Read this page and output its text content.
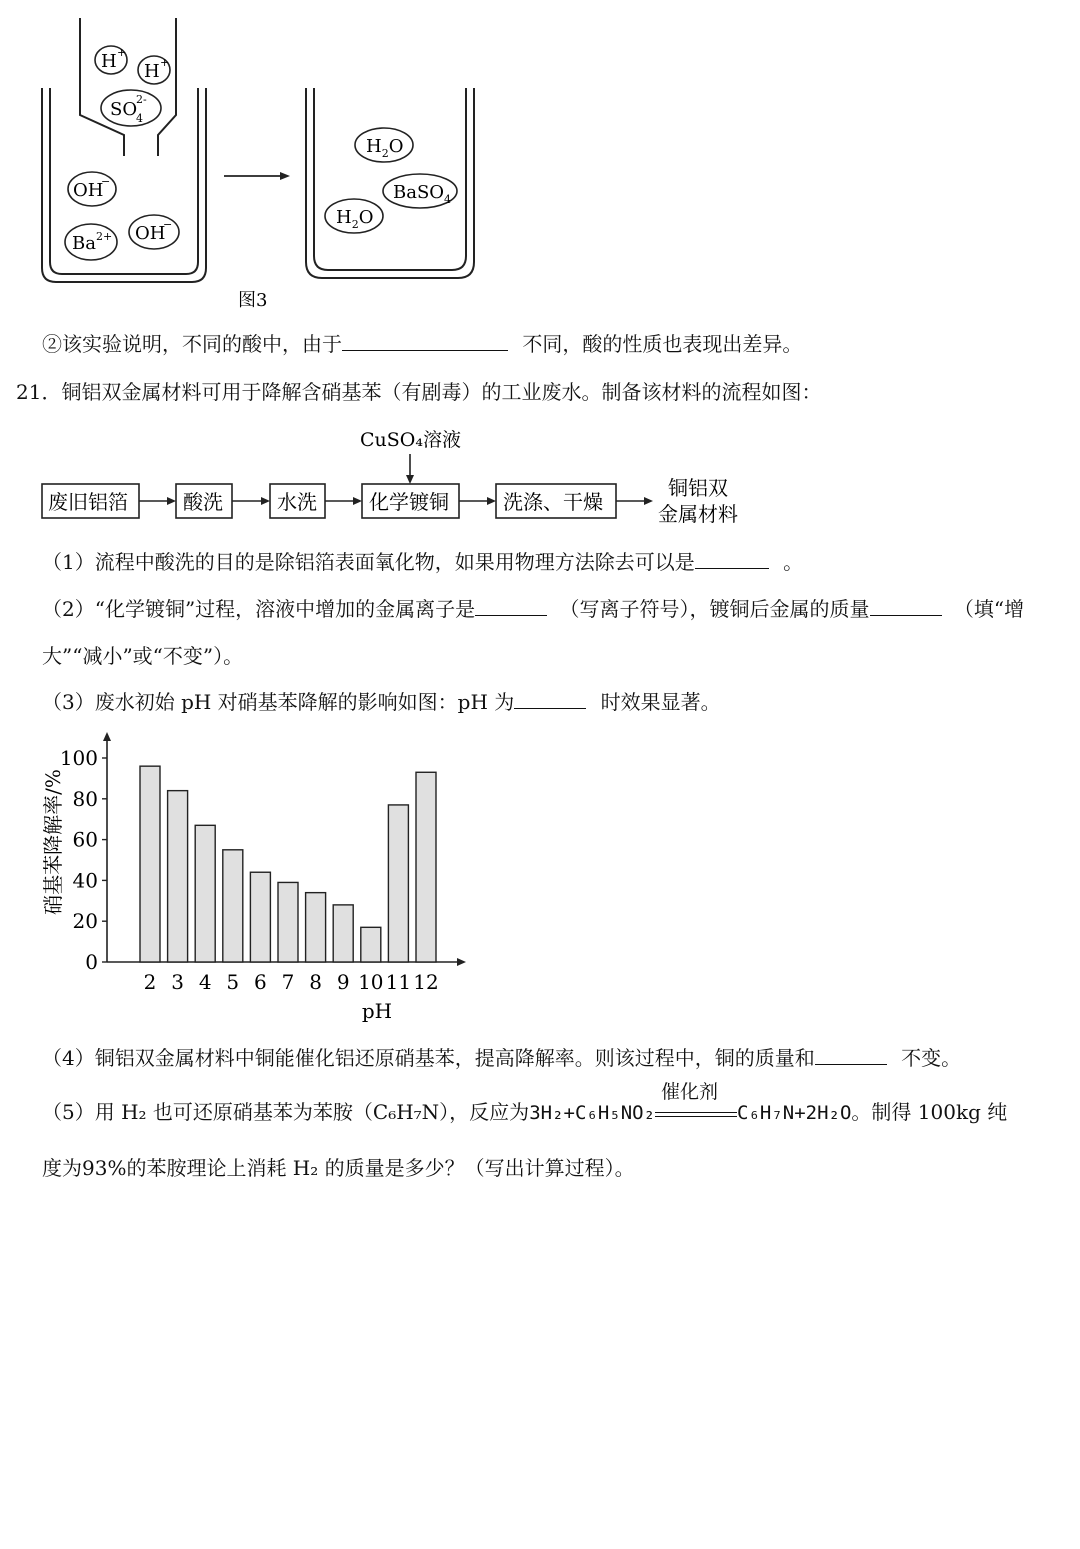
H +
H +
SO
4
2-
OH
−
Ba 2+ OH
−
$H_2O$
BaSO$_4$
$H_2O$
图3
②该实验说明，不同的酸中，由于	不同，酸的性质也表现出差异。
21．铜铝双金属材料可用于降解含硝基苯（有剧毒）的工业废水。制备该材料的流程如图：
CuSO₄溶液
废旧铝箔	酸洗	水洗	化学镀铜	洗涤、干燥
铜铝双
金属材料
（1）流程中酸洗的目的是除铝箔表面氧化物，如果用物理方法除去可以是	。
（2）“化学镀铜”过程，溶液中增加的金属离子是	（写离子符号），镀铜后金属的质量	（填“增
大”“减小”或“不变”）。
（3）废水初始 pH 对硝基苯降解的影响如图：pH 为	时效果显著。
0
20
40
60
80
100
2 3 4 5 6 7 8 9 10 11 12
硝基苯降解率/%
pH
（4）铜铝双金属材料中铜能催化铝还原硝基苯，提高降解率。则该过程中，铜的质量和	不变。
（5）用 H₂ 也可还原硝基苯为苯胺（C₆H₇N），反应为3H₂+C₆H₅NO₂
催化剂
C₆H₇N+2H₂O。制得 100kg 纯
度为93%的苯胺理论上消耗 H₂ 的质量是多少？（写出计算过程）。
